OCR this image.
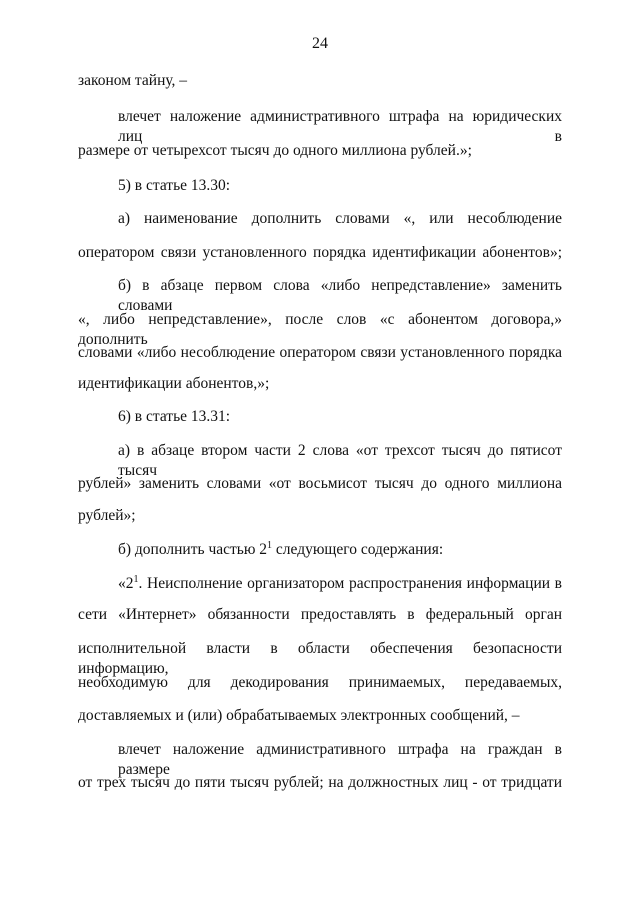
24
законом тайну, –
влечет наложение административного штрафа на юридических лиц в
размере от четырехсот тысяч до одного миллиона рублей.»;
5) в статье 13.30:
а) наименование дополнить словами «, или несоблюдение
оператором связи установленного порядка идентификации абонентов»;
б) в абзаце первом слова «либо непредставление» заменить словами
«, либо непредставление», после слов «с абонентом договора,» дополнить
словами «либо несоблюдение оператором связи установленного порядка
идентификации абонентов,»;
6) в статье 13.31:
а) в абзаце втором части 2 слова «от трехсот тысяч до пятисот тысяч
рублей» заменить словами «от восьмисот тысяч до одного миллиона
рублей»;
б) дополнить частью $2^1$ следующего содержания:
«$2^1$. Неисполнение организатором распространения информации в
сети «Интернет» обязанности предоставлять в федеральный орган
исполнительной власти в области обеспечения безопасности информацию,
необходимую для декодирования принимаемых, передаваемых,
доставляемых и (или) обрабатываемых электронных сообщений, –
влечет наложение административного штрафа на граждан в размере
от трех тысяч до пяти тысяч рублей; на должностных лиц - от тридцати
